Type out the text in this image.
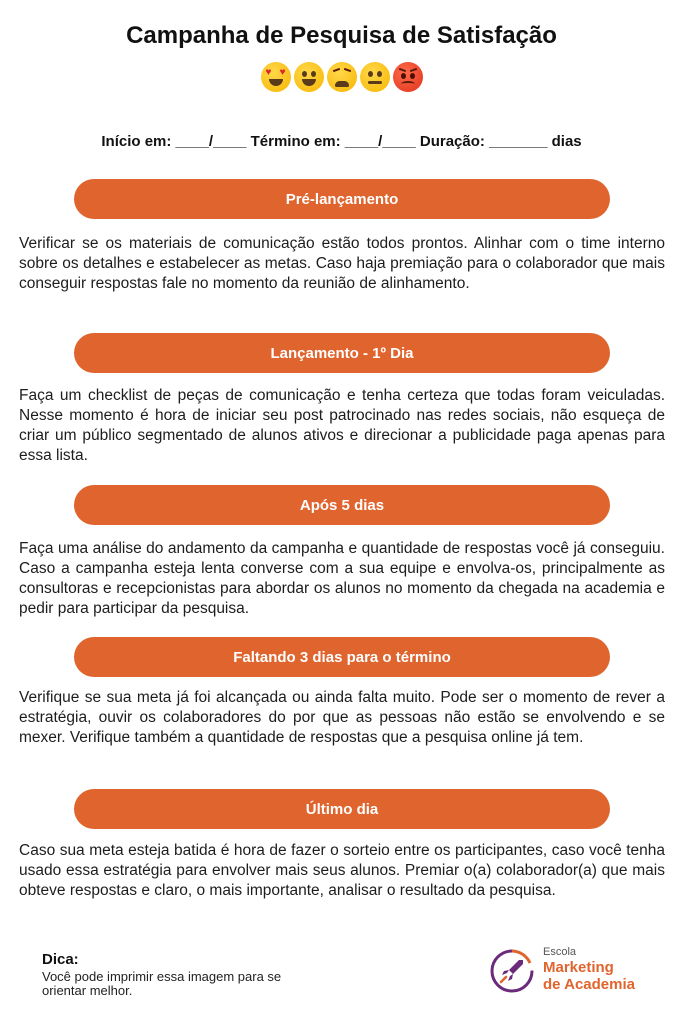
Campanha de Pesquisa de Satisfação
♥ ♥
Início em: ____/____ Término em: ____/____ Duração: _______ dias
Pré-lançamento
Verificar se os materiais de comunicação estão todos prontos. Alinhar com o time interno sobre os detalhes e estabelecer as metas. Caso haja premiação para o colaborador que mais conseguir respostas fale no momento da reunião de alinhamento.
Lançamento - 1º Dia
Faça um checklist de peças de comunicação e tenha certeza que todas foram veiculadas. Nesse momento é hora de iniciar seu post patrocinado nas redes sociais, não esqueça de criar um público segmentado de alunos ativos e direcionar a publicidade paga apenas para essa lista.
Após 5 dias
Faça uma análise do andamento da campanha e quantidade de respostas você já conseguiu. Caso a campanha esteja lenta converse com a sua equipe e envolva-os, principalmente as consultoras e recepcionistas para abordar os alunos no momento da chegada na academia e pedir para participar da pesquisa.
Faltando 3 dias para o término
Verifique se sua meta já foi alcançada ou ainda falta muito. Pode ser o momento de rever a estratégia, ouvir os colaboradores do por que as pessoas não estão se envolvendo e se mexer. Verifique também a quantidade de respostas que a pesquisa online já tem.
Último dia
Caso sua meta esteja batida é hora de fazer o sorteio entre os participantes, caso você tenha usado essa estratégia para envolver mais seus alunos. Premiar o(a) colaborador(a) que mais obteve respostas e claro, o mais importante, analisar o resultado da pesquisa.
Dica:
Você pode imprimir essa imagem para se orientar melhor.
Escola
Marketing
de Academia
